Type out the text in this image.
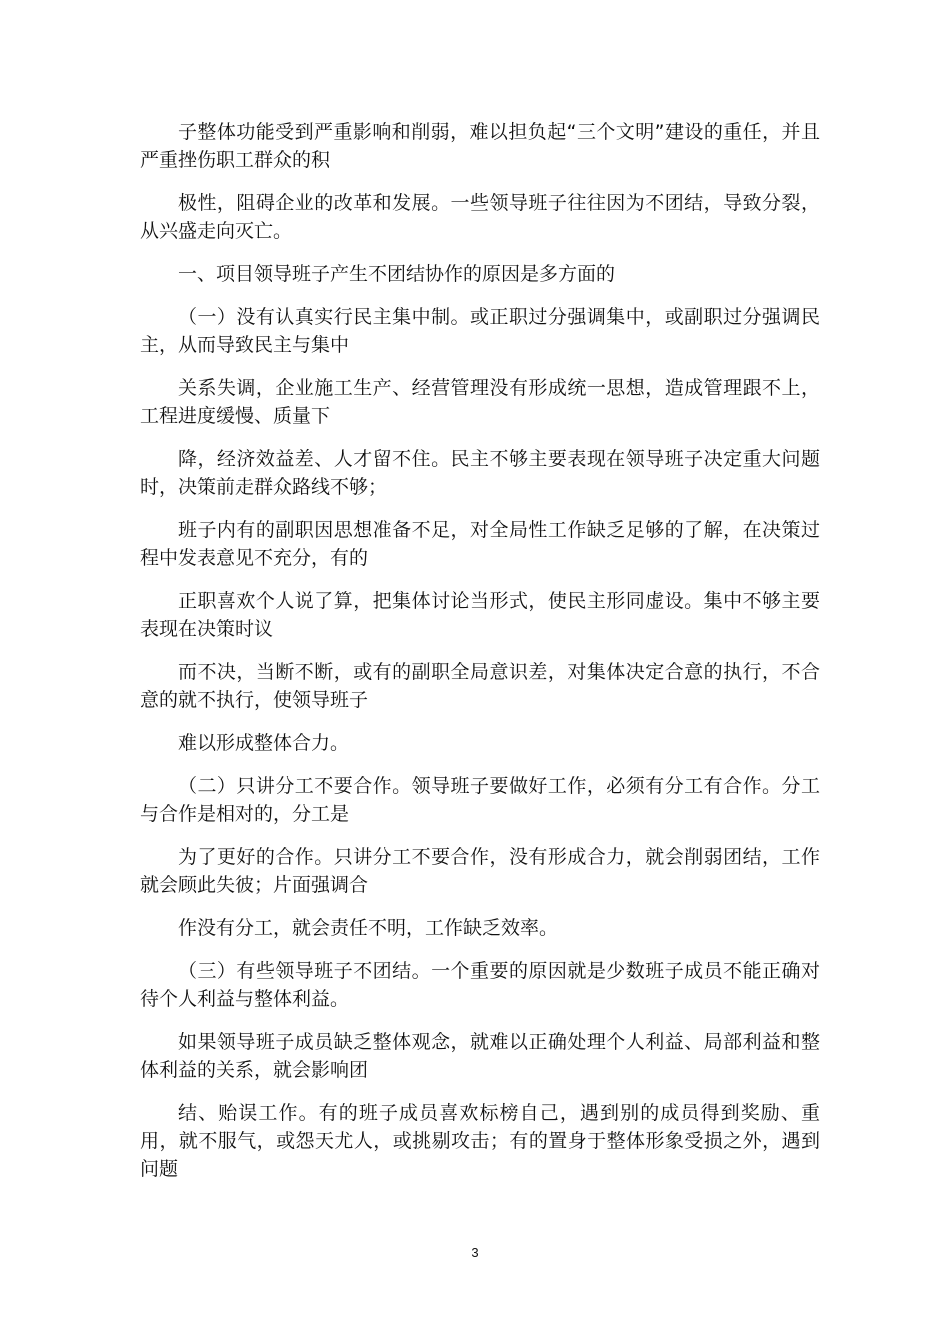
子整体功能受到严重影响和削弱，难以担负起“三个文明”建设的重任，并且严重挫伤职工群众的积

极性，阻碍企业的改革和发展。一些领导班子往往因为不团结，导致分裂，从兴盛走向灭亡。

一、项目领导班子产生不团结协作的原因是多方面的

（一）没有认真实行民主集中制。或正职过分强调集中，或副职过分强调民主，从而导致民主与集中

关系失调，企业施工生产、经营管理没有形成统一思想，造成管理跟不上，工程进度缓慢、质量下

降，经济效益差、人才留不住。民主不够主要表现在领导班子决定重大问题时，决策前走群众路线不够；

班子内有的副职因思想准备不足，对全局性工作缺乏足够的了解，在决策过程中发表意见不充分，有的

正职喜欢个人说了算，把集体讨论当形式，使民主形同虚设。集中不够主要表现在决策时议

而不决，当断不断，或有的副职全局意识差，对集体决定合意的执行，不合意的就不执行，使领导班子

难以形成整体合力。

（二）只讲分工不要合作。领导班子要做好工作，必须有分工有合作。分工与合作是相对的，分工是

为了更好的合作。只讲分工不要合作，没有形成合力，就会削弱团结，工作就会顾此失彼；片面强调合

作没有分工，就会责任不明，工作缺乏效率。

（三）有些领导班子不团结。一个重要的原因就是少数班子成员不能正确对待个人利益与整体利益。

如果领导班子成员缺乏整体观念，就难以正确处理个人利益、局部利益和整体利益的关系，就会影响团

结、贻误工作。有的班子成员喜欢标榜自己，遇到别的成员得到奖励、重用，就不服气，或怨天尤人，或挑剔攻击；有的置身于整体形象受损之外，遇到问题

3
